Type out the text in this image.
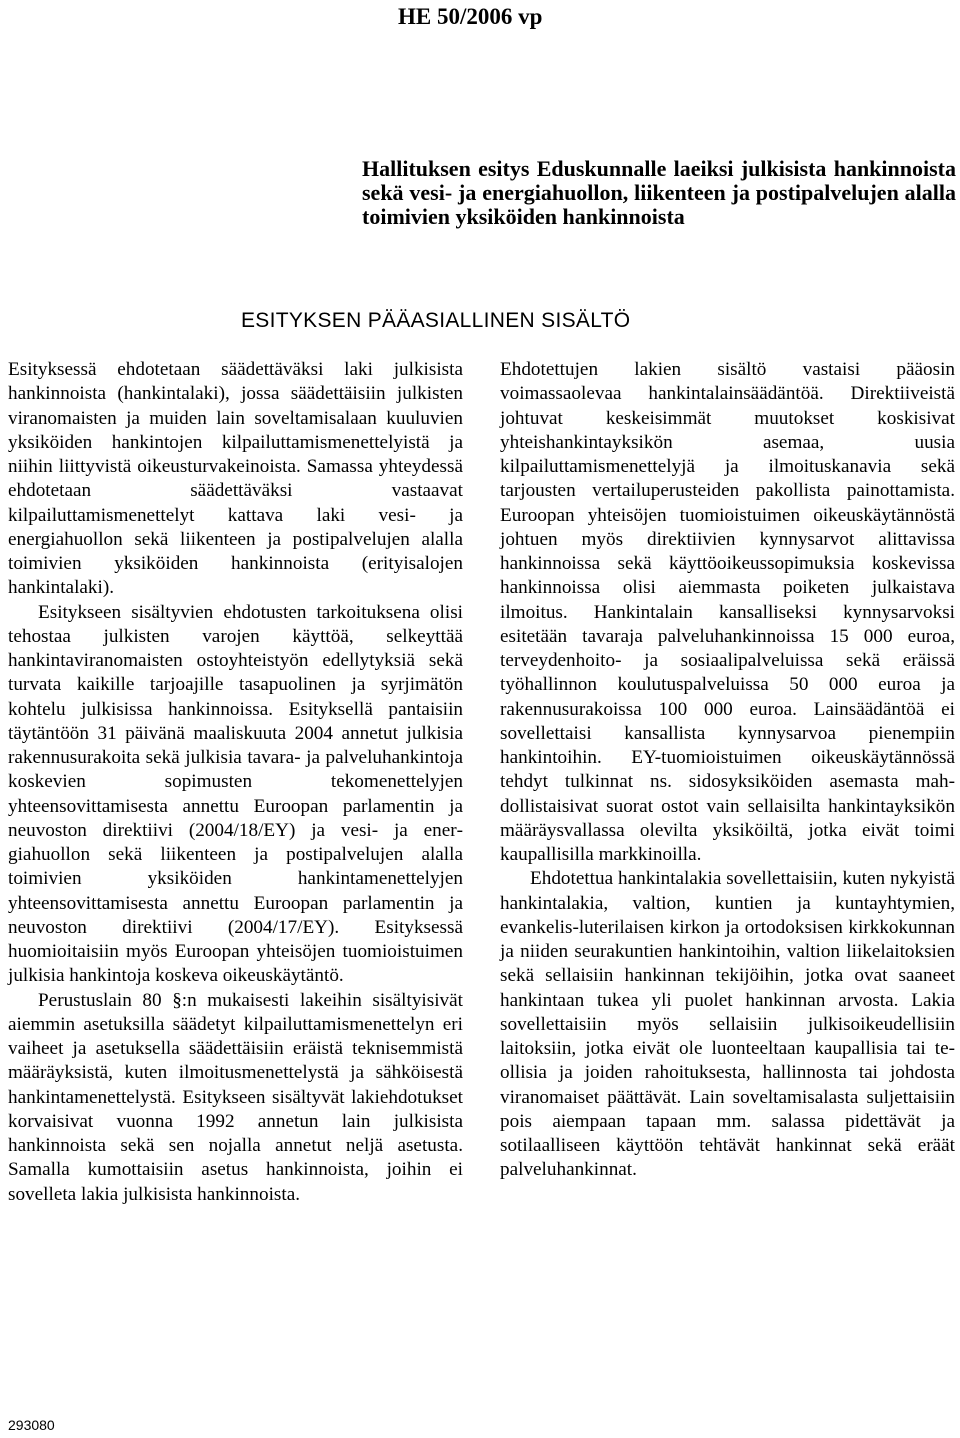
HE 50/2006 vp
Hallituksen esitys Eduskunnalle laeiksi julkisista hankinnoista sekä vesi- ja energiahuollon, liikenteen ja postipalvelujen alalla toimivien yksiköiden hankinnoista
ESITYKSEN PÄÄASIALLINEN SISÄLTÖ

Esityksessä ehdotetaan säädettäväksi laki julkisista hankinnoista (hankintalaki), jossa säädettäisiin julkisten viranomaisten ja muiden lain soveltamisalaan kuuluvien yksiköiden hankintojen kilpailuttamismenettelyistä ja niihin liittyvistä oikeusturvakeinoista. Samassa yhteydessä ehdotetaan säädettäväksi vastaavat kilpailuttamismenettelyt kattava laki vesi- ja energiahuollon sekä liikenteen ja postipalvelujen alalla toimivien yksiköiden hankinnoista (erityisalojen hankintalaki).

Esitykseen sisältyvien ehdotusten tarkoituksena olisi tehostaa julkisten varojen käyttöä, selkeyttää hankintaviranomaisten ostoyhteistyön edellytyksiä sekä turvata kaikille tarjoajille tasapuolinen ja syrjimätön kohtelu julkisissa hankinnoissa. Esityksellä pantaisiin täytäntöön 31 päivänä maaliskuuta 2004 annetut julkisia rakennusurakoita sekä julkisia tavara- ja palveluhankintoja koskevien sopimusten tekomenettelyjen yhteensovittamisesta annettu Euroopan parlamentin ja neuvoston direktiivi (2004/18/EY) ja vesi- ja energiahuollon sekä liikenteen ja postipalvelujen alalla toimivien yksiköiden hankintamenettelyjen yhteensovittamisesta annettu Euroopan parlamentin ja neuvoston direktiivi (2004/17/EY). Esityksessä huomioitaisiin myös Euroopan yhteisöjen tuomioistuimen julkisia hankintoja koskeva oikeuskäytäntö.

Perustuslain 80 §:n mukaisesti lakeihin sisältyisivät aiemmin asetuksilla säädetyt kilpailuttamismenettelyn eri vaiheet ja asetuksella säädettäisiin eräistä teknisemmistä määräyksistä, kuten ilmoitusmenettelystä ja sähköisestä hankintamenettelystä. Esitykseen sisältyvät lakiehdotukset korvaisivat vuonna 1992 annetun lain julkisista hankinnoista sekä sen nojalla annetut neljä asetusta. Samalla kumottaisiin asetus hankinnoista, joihin ei sovelleta lakia julkisista hankinnoista.

Ehdotettujen lakien sisältö vastaisi pääosin voimassaolevaa hankintalainsäädäntöä. Direktiiveistä johtuvat keskeisimmät muutokset koskisivat yhteishankintayksikön asemaa, uusia kilpailuttamismenettelyjä ja ilmoituskanavia sekä tarjousten vertailuperusteiden pakollista painottamista. Euroopan yhteisöjen tuomioistuimen oikeuskäytännöstä johtuen myös direktiivien kynnysarvot alittavissa hankinnoissa sekä käyttöoikeussopimuksia koskevissa hankinnoissa olisi aiemmasta poiketen julkaistava ilmoitus. Hankintalain kansalliseksi kynnysarvoksi esitetään tavaraja palveluhankinnoissa 15 000 euroa, terveydenhoito- ja sosiaalipalveluissa sekä eräissä työhallinnon koulutuspalveluissa 50 000 euroa ja rakennusurakoissa 100 000 euroa. Lainsäädäntöä ei sovellettaisi kansallista kynnysarvoa pienempiin hankintoihin. EY-tuomioistuimen oikeuskäytännössä tehdyt tulkinnat ns. sidosyksiköiden asemasta mahdollistaisivat suorat ostot vain sellaisilta hankintayksikön määräysvallassa olevilta yksiköiltä, jotka eivät toimi kaupallisilla markkinoilla.

Ehdotettua hankintalakia sovellettaisiin, kuten nykyistä hankintalakia, valtion, kuntien ja kuntayhtymien, evankelis-luterilaisen kirkon ja ortodoksisen kirkkokunnan ja niiden seurakuntien hankintoihin, valtion liikelaitoksien sekä sellaisiin hankinnan tekijöihin, jotka ovat saaneet hankintaan tukea yli puolet hankinnan arvosta. Lakia sovellettaisiin myös sellaisiin julkisoikeudellisiin laitoksiin, jotka eivät ole luonteeltaan kaupallisia tai teollisia ja joiden rahoituksesta, hallinnosta tai johdosta viranomaiset päättävät. Lain soveltamisalasta suljettaisiin pois aiempaan tapaan mm. salassa pidettävät ja sotilaalliseen käyttöön tehtävät hankinnat sekä eräät palveluhankinnat.

293080
